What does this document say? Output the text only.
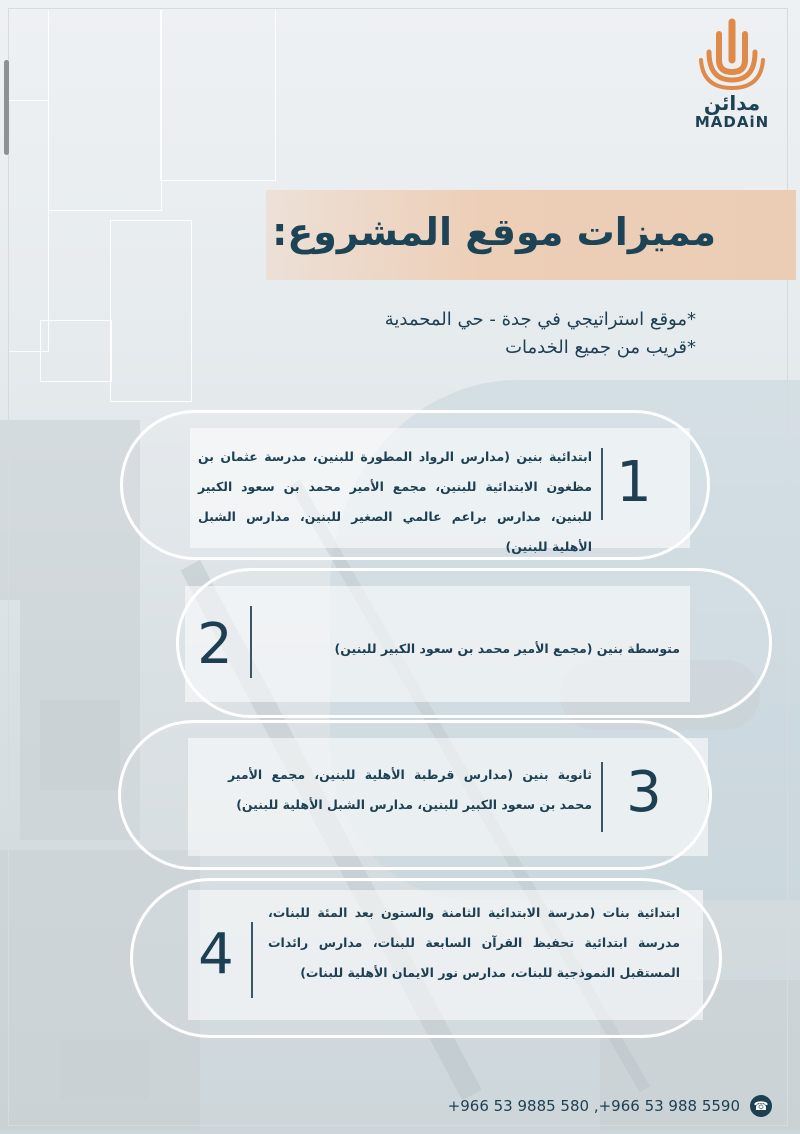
مدائن
MADAiN
مميزات موقع المشروع:
*موقع استراتيجي في جدة - حي المحمدية
*قريب من جميع الخدمات
1
ابتدائية بنين (مدارس الرواد المطورة للبنين، مدرسة عثمان بن مظغون الابتدائية للبنين، مجمع الأمير محمد بن سعود الكبير للبنين، مدارس براعم عالمي الصغير للبنين، مدارس الشبل الأهلية للبنين)
2	متوسطة بنين (مجمع الأمير محمد بن سعود الكبير للبنين)
3
ثانوية بنين (مدارس قرطبة الأهلية للبنين، مجمع الأمير محمد بن سعود الكبير للبنين، مدارس الشبل الأهلية للبنين)
4
ابتدائية بنات (مدرسة الابتدائية الثامنة والستون بعد المئة للبنات، مدرسة ابتدائية تحفيظ القرآن السابعة للبنات، مدارس رائدات المستقبل النموذجية للبنات، مدارس نور الايمان الأهلية للبنات)
+966 53 9885 580 ,+966 53 988 5590 ☎
